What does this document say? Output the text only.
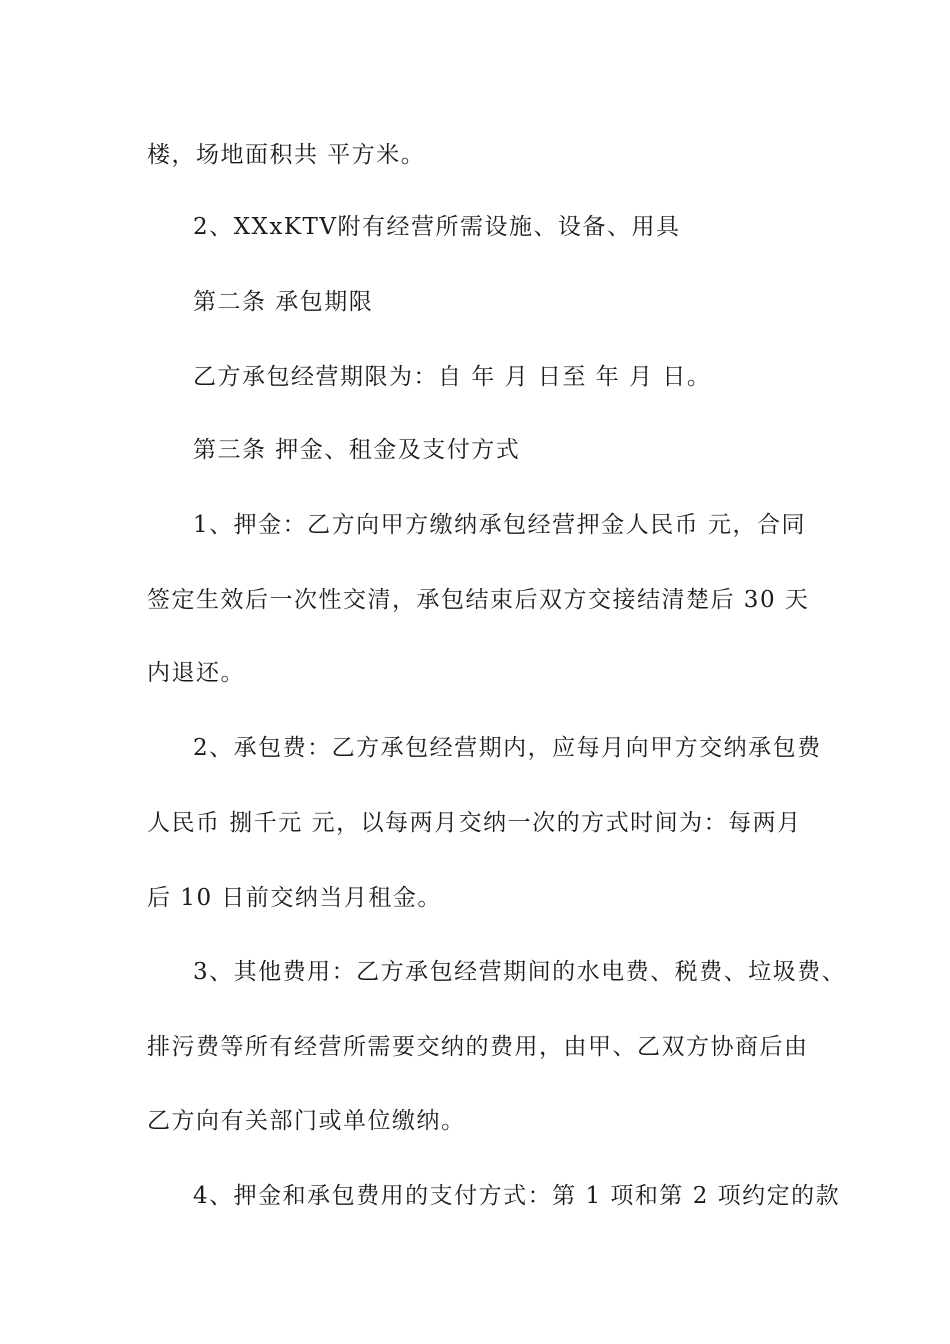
楼，场地面积共 平方米。
2、XXxKTV附有经营所需设施、设备、用具
第二条 承包期限
乙方承包经营期限为：自 年 月 日至 年 月 日。
第三条 押金、租金及支付方式
1、押金：乙方向甲方缴纳承包经营押金人民币 元，合同
签定生效后一次性交清，承包结束后双方交接结清楚后 30 天
内退还。
2、承包费：乙方承包经营期内，应每月向甲方交纳承包费
人民币 捌千元 元，以每两月交纳一次的方式时间为：每两月
后 10 日前交纳当月租金。
3、其他费用：乙方承包经营期间的水电费、税费、垃圾费、
排污费等所有经营所需要交纳的费用，由甲、乙双方协商后由
乙方向有关部门或单位缴纳。
4、押金和承包费用的支付方式：第 1 项和第 2 项约定的款
